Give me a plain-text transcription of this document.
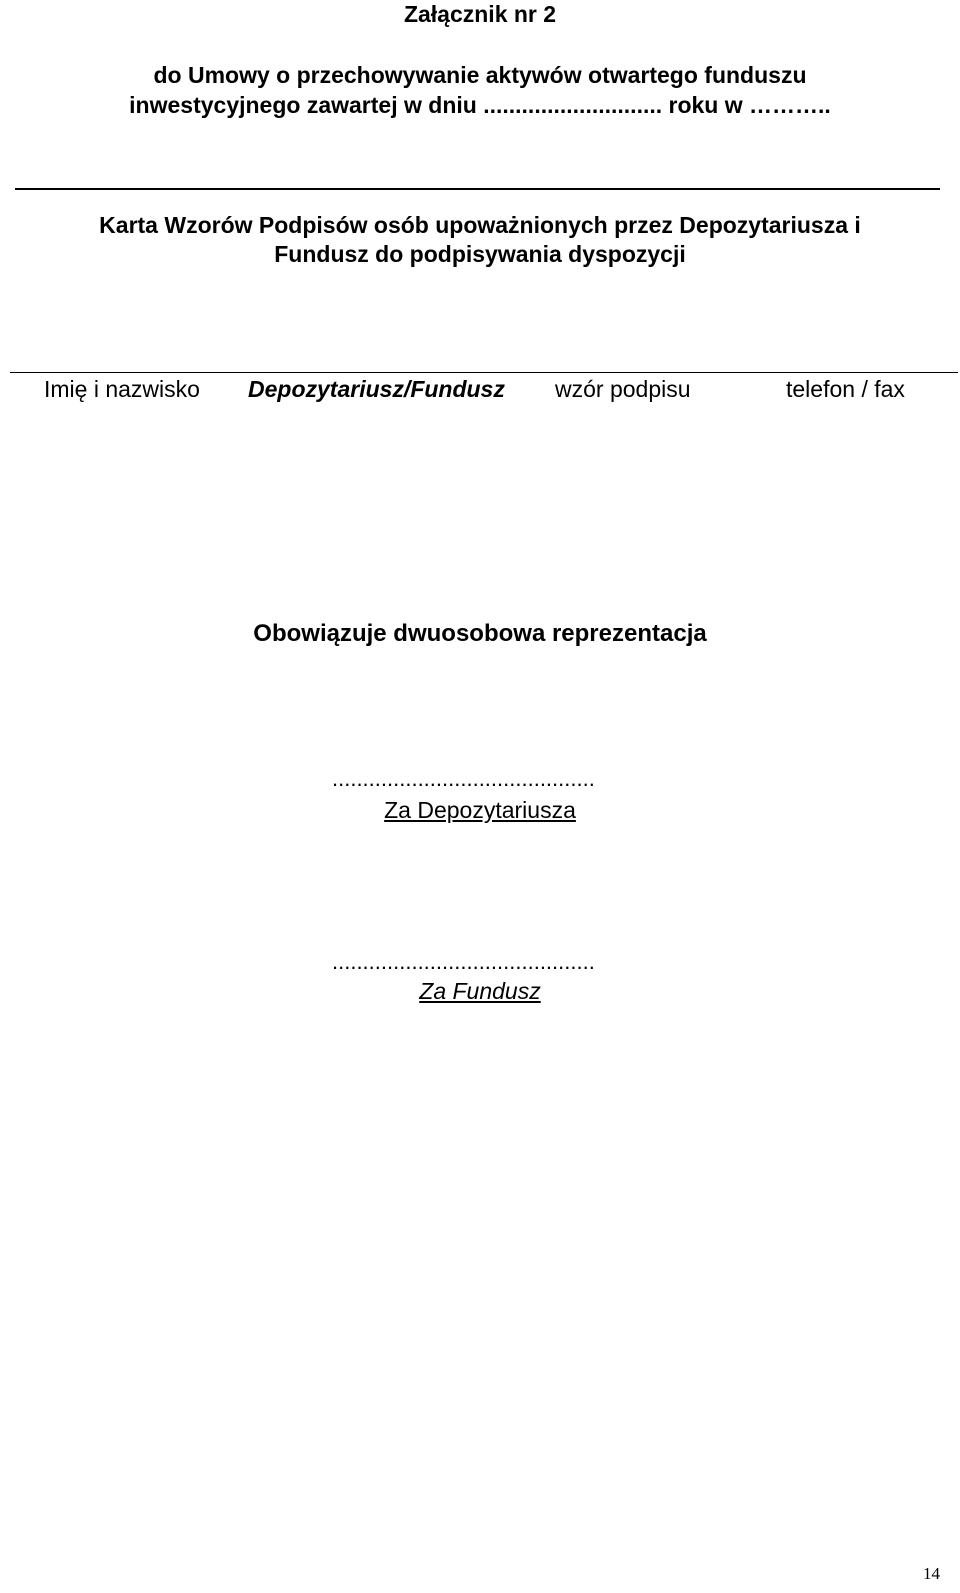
Załącznik nr 2
do Umowy o przechowywanie aktywów otwartego funduszu
inwestycyjnego zawartej w dniu ............................ roku w ………..
Karta Wzorów Podpisów osób upoważnionych przez Depozytariusza i
Fundusz do podpisywania dyspozycji
Imię i nazwisko Depozytariusz/Fundusz wzór podpisu	telefon / fax
Obowiązuje dwuosobowa reprezentacja
...........................................
Za Depozytariusza
...........................................
Za Fundusz
14
